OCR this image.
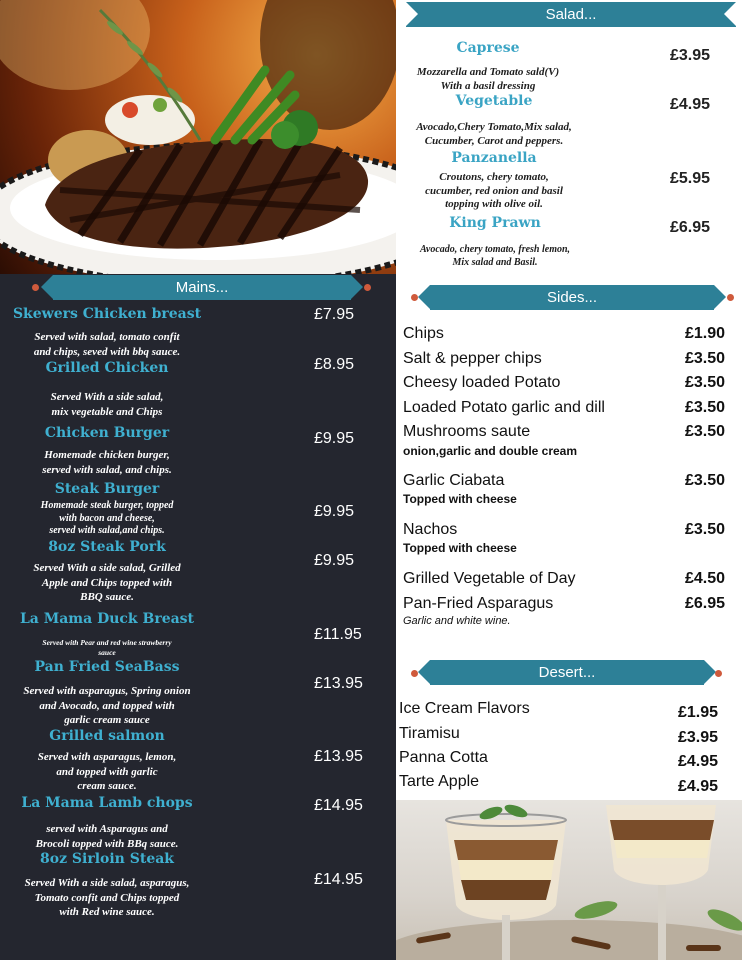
Mains...
Skewers Chicken breast
Served with salad, tomato confit
and chips, seved with bbq sauce.
£7.95
Grilled Chicken
Served With a side salad,
mix vegetable and Chips
£8.95
Chicken Burger
Homemade chicken burger,
served with salad, and chips.
£9.95
Steak Burger
Homemade steak burger, topped
with bacon and cheese,
served with salad,and chips.
£9.95
8oz Steak Pork
Served With a side salad, Grilled
Apple and Chips topped with
BBQ sauce.
£9.95
La Mama Duck Breast
Served with Pear and red wine strawberry
sauce
£11.95
Pan Fried SeaBass
Served with asparagus, Spring onion
and Avocado, and topped with
garlic cream sauce
£13.95
Grilled salmon
Served with asparagus, lemon,
and topped with garlic
cream sauce.
£13.95
La Mama Lamb chops
served with Asparagus and
Brocoli topped with BBq sauce.
£14.95
8oz Sirloin Steak
Served With a side salad, asparagus,
Tomato confit and Chips topped
with Red wine sauce.
£14.95
Salad...
Caprese
Mozzarella and Tomato sald(V)
With a basil dressing
£3.95
Vegetable
Avocado,Chery Tomato,Mix salad,
Cucumber, Carot and peppers.
£4.95
Panzanella
Croutons, chery tomato,
cucumber, red onion and basil
topping with olive oil.
£5.95
King Prawn
Avocado, chery tomato, fresh lemon,
Mix salad and Basil.
£6.95
Sides...
Chips	£1.90
Salt & pepper chips	£3.50
Cheesy loaded Potato	£3.50
Loaded Potato garlic and dill	£3.50
Mushrooms saute
onion,garlic and double cream
£3.50
Garlic Ciabata
Topped with cheese
£3.50
Nachos
Topped with cheese
£3.50
Grilled Vegetable of Day	£4.50
Pan-Fried Asparagus
Garlic and white wine.
£6.95
Desert...
Ice Cream Flavors	£1.95
Tiramisu	£3.95
Panna Cotta	£4.95
Tarte Apple	£4.95
